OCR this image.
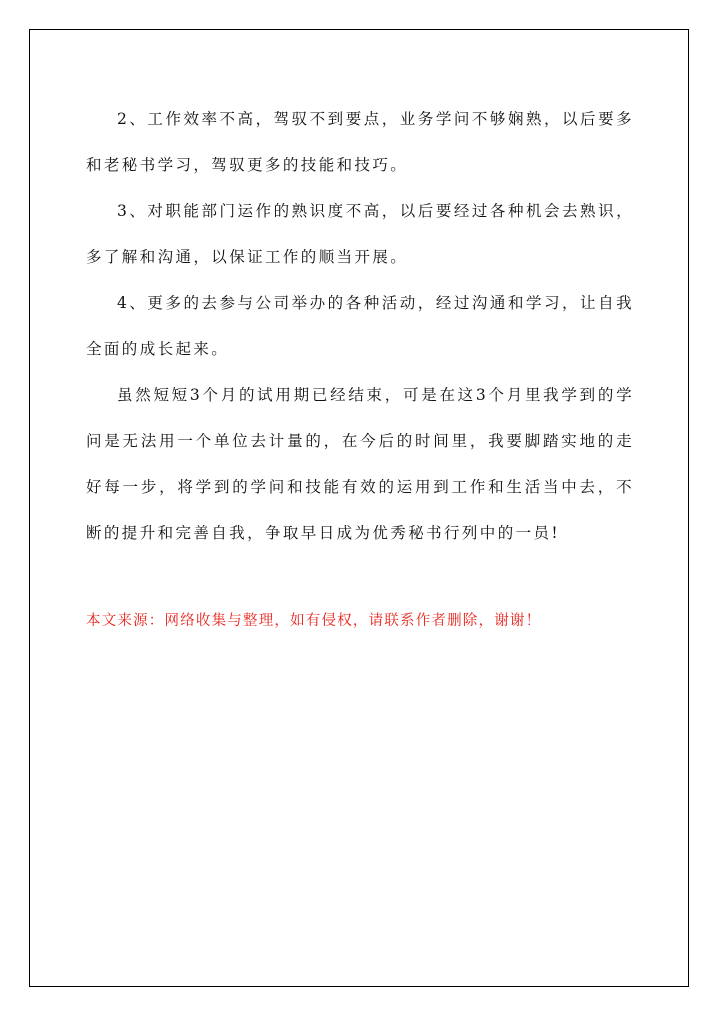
2、工作效率不高，驾驭不到要点，业务学问不够娴熟，以后要多和老秘书学习，驾驭更多的技能和技巧。

3、对职能部门运作的熟识度不高，以后要经过各种机会去熟识，多了解和沟通，以保证工作的顺当开展。

4、更多的去参与公司举办的各种活动，经过沟通和学习，让自我全面的成长起来。

虽然短短3个月的试用期已经结束，可是在这3个月里我学到的学问是无法用一个单位去计量的，在今后的时间里，我要脚踏实地的走好每一步，将学到的学问和技能有效的运用到工作和生活当中去，不断的提升和完善自我，争取早日成为优秀秘书行列中的一员!

本文来源：网络收集与整理，如有侵权，请联系作者删除，谢谢！
